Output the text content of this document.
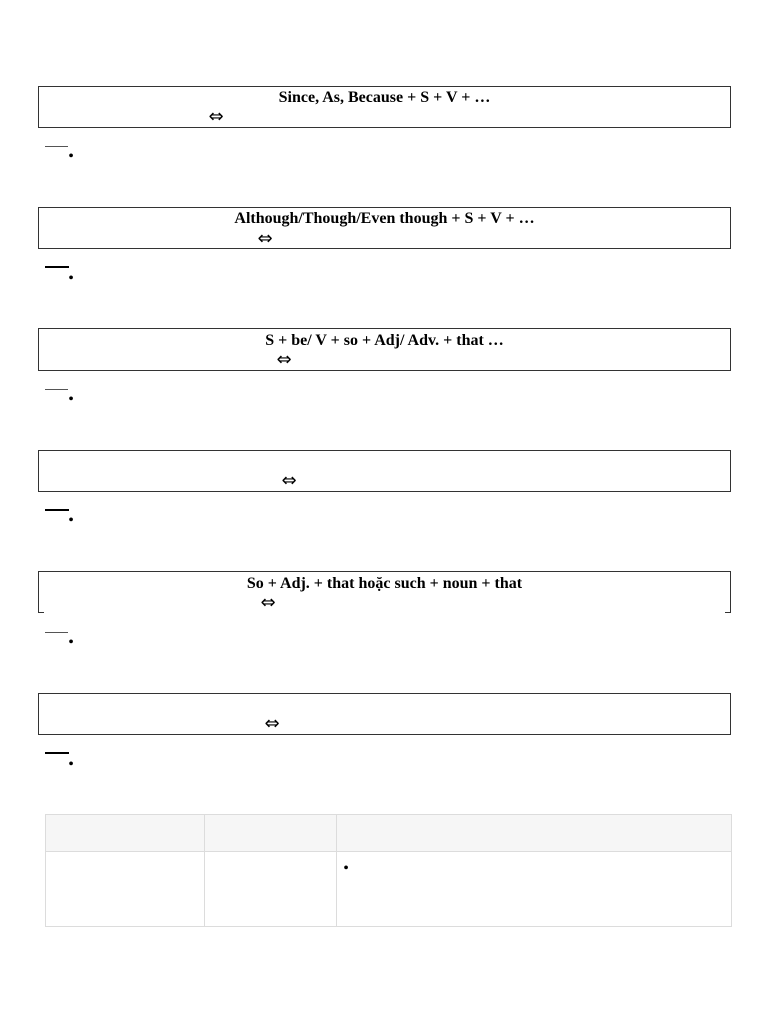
Since, As, Because + S + V + …
⇔
•
Although/Though/Even though + S + V + …
⇔
•
S + be/ V + so + Adj/ Adv. + that …
⇔
•
⇔
•
So + Adj. + that hoặc such + noun + that
⇔
•
⇔
•

		•
